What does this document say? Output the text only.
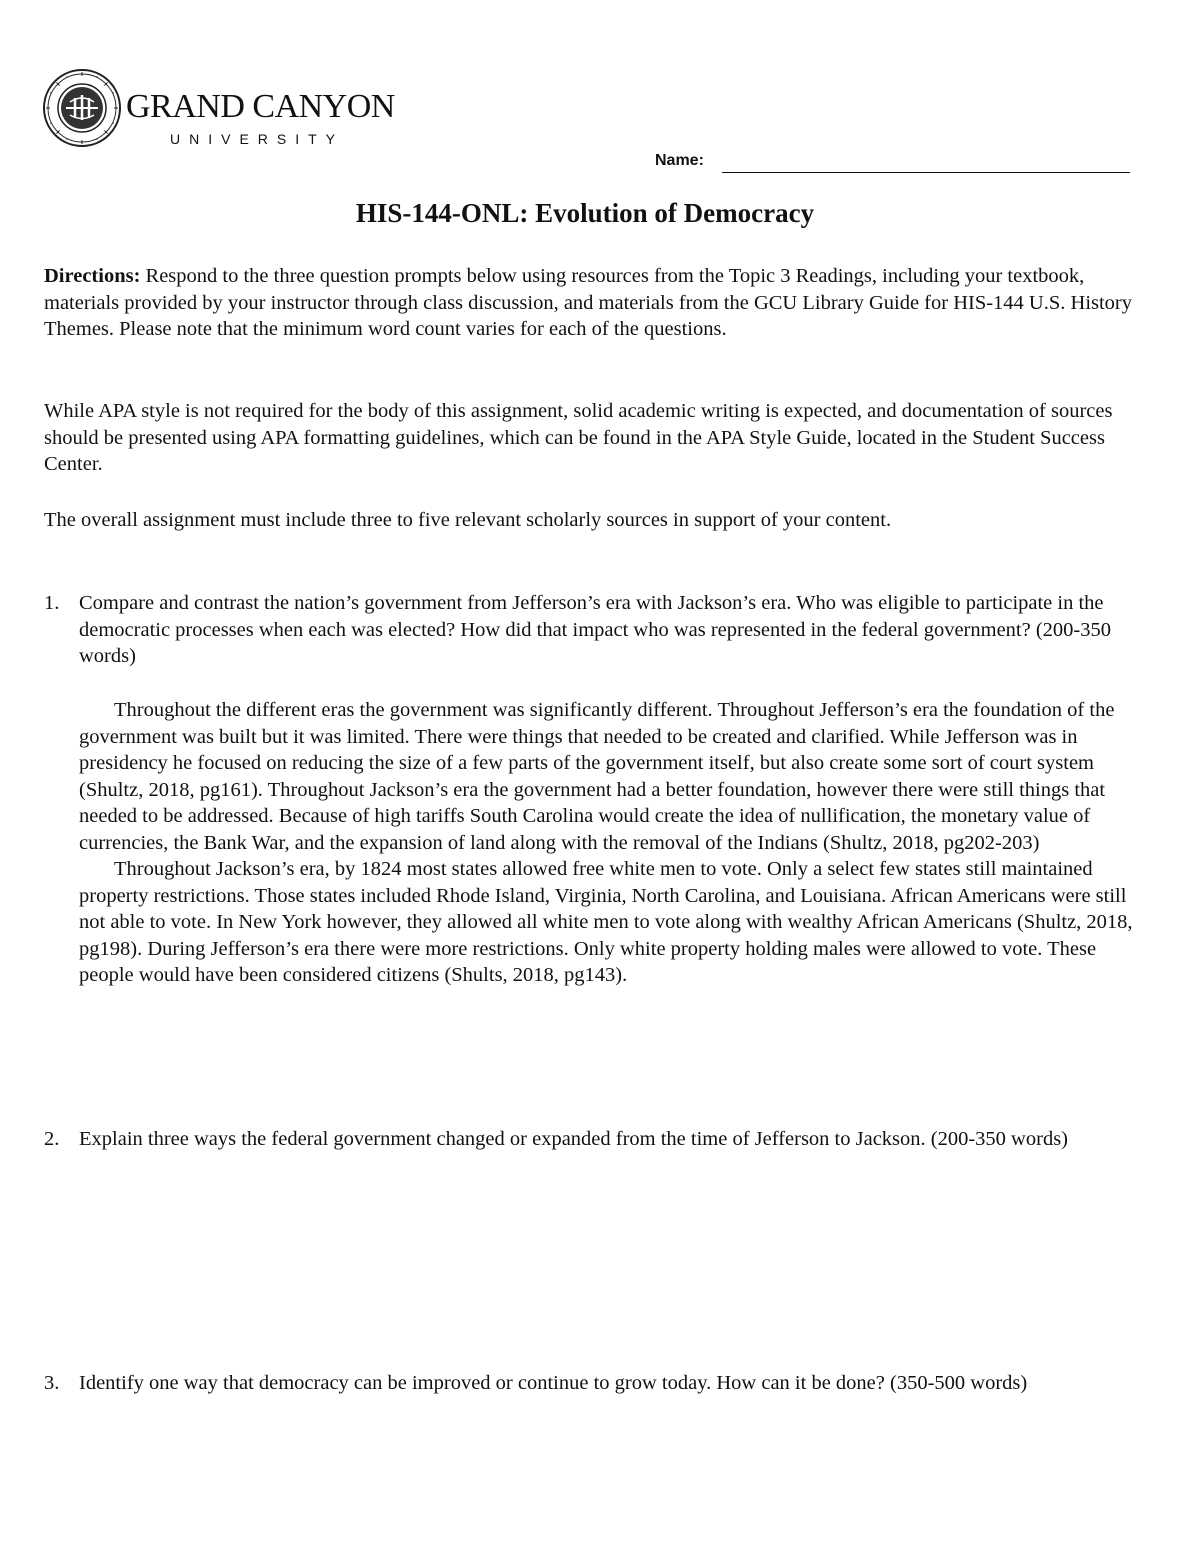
GRAND CANYON
UNIVERSITY
Name:
HIS-144-ONL: Evolution of Democracy
Directions: Respond to the three question prompts below using resources from the Topic 3 Readings, including your textbook, materials provided by your instructor through class discussion, and materials from the GCU Library Guide for HIS-144 U.S. History Themes. Please note that the minimum word count varies for each of the questions.
While APA style is not required for the body of this assignment, solid academic writing is expected, and documentation of sources should be presented using APA formatting guidelines, which can be found in the APA Style Guide, located in the Student Success Center.
The overall assignment must include three to five relevant scholarly sources in support of your content.
1. Compare and contrast the nation’s government from Jefferson’s era with Jackson’s era. Who was eligible to participate in the democratic processes when each was elected? How did that impact who was represented in the federal government? (200-350 words)

Throughout the different eras the government was significantly different. Throughout Jefferson’s era the foundation of the government was built but it was limited. There were things that needed to be created and clarified. While Jefferson was in presidency he focused on reducing the size of a few parts of the government itself, but also create some sort of court system (Shultz, 2018, pg161). Throughout Jackson’s era the government had a better foundation, however there were still things that needed to be addressed. Because of high tariffs South Carolina would create the idea of nullification, the monetary value of currencies, the Bank War, and the expansion of land along with the removal of the Indians (Shultz, 2018, pg202-203)

Throughout Jackson’s era, by 1824 most states allowed free white men to vote. Only a select few states still maintained property restrictions. Those states included Rhode Island, Virginia, North Carolina, and Louisiana. African Americans were still not able to vote. In New York however, they allowed all white men to vote along with wealthy African Americans (Shultz, 2018, pg198). During Jefferson’s era there were more restrictions. Only white property holding males were allowed to vote. These people would have been considered citizens (Shults, 2018, pg143).

2. Explain three ways the federal government changed or expanded from the time of Jefferson to Jackson. (200-350 words)
3. Identify one way that democracy can be improved or continue to grow today. How can it be done? (350-500 words)
